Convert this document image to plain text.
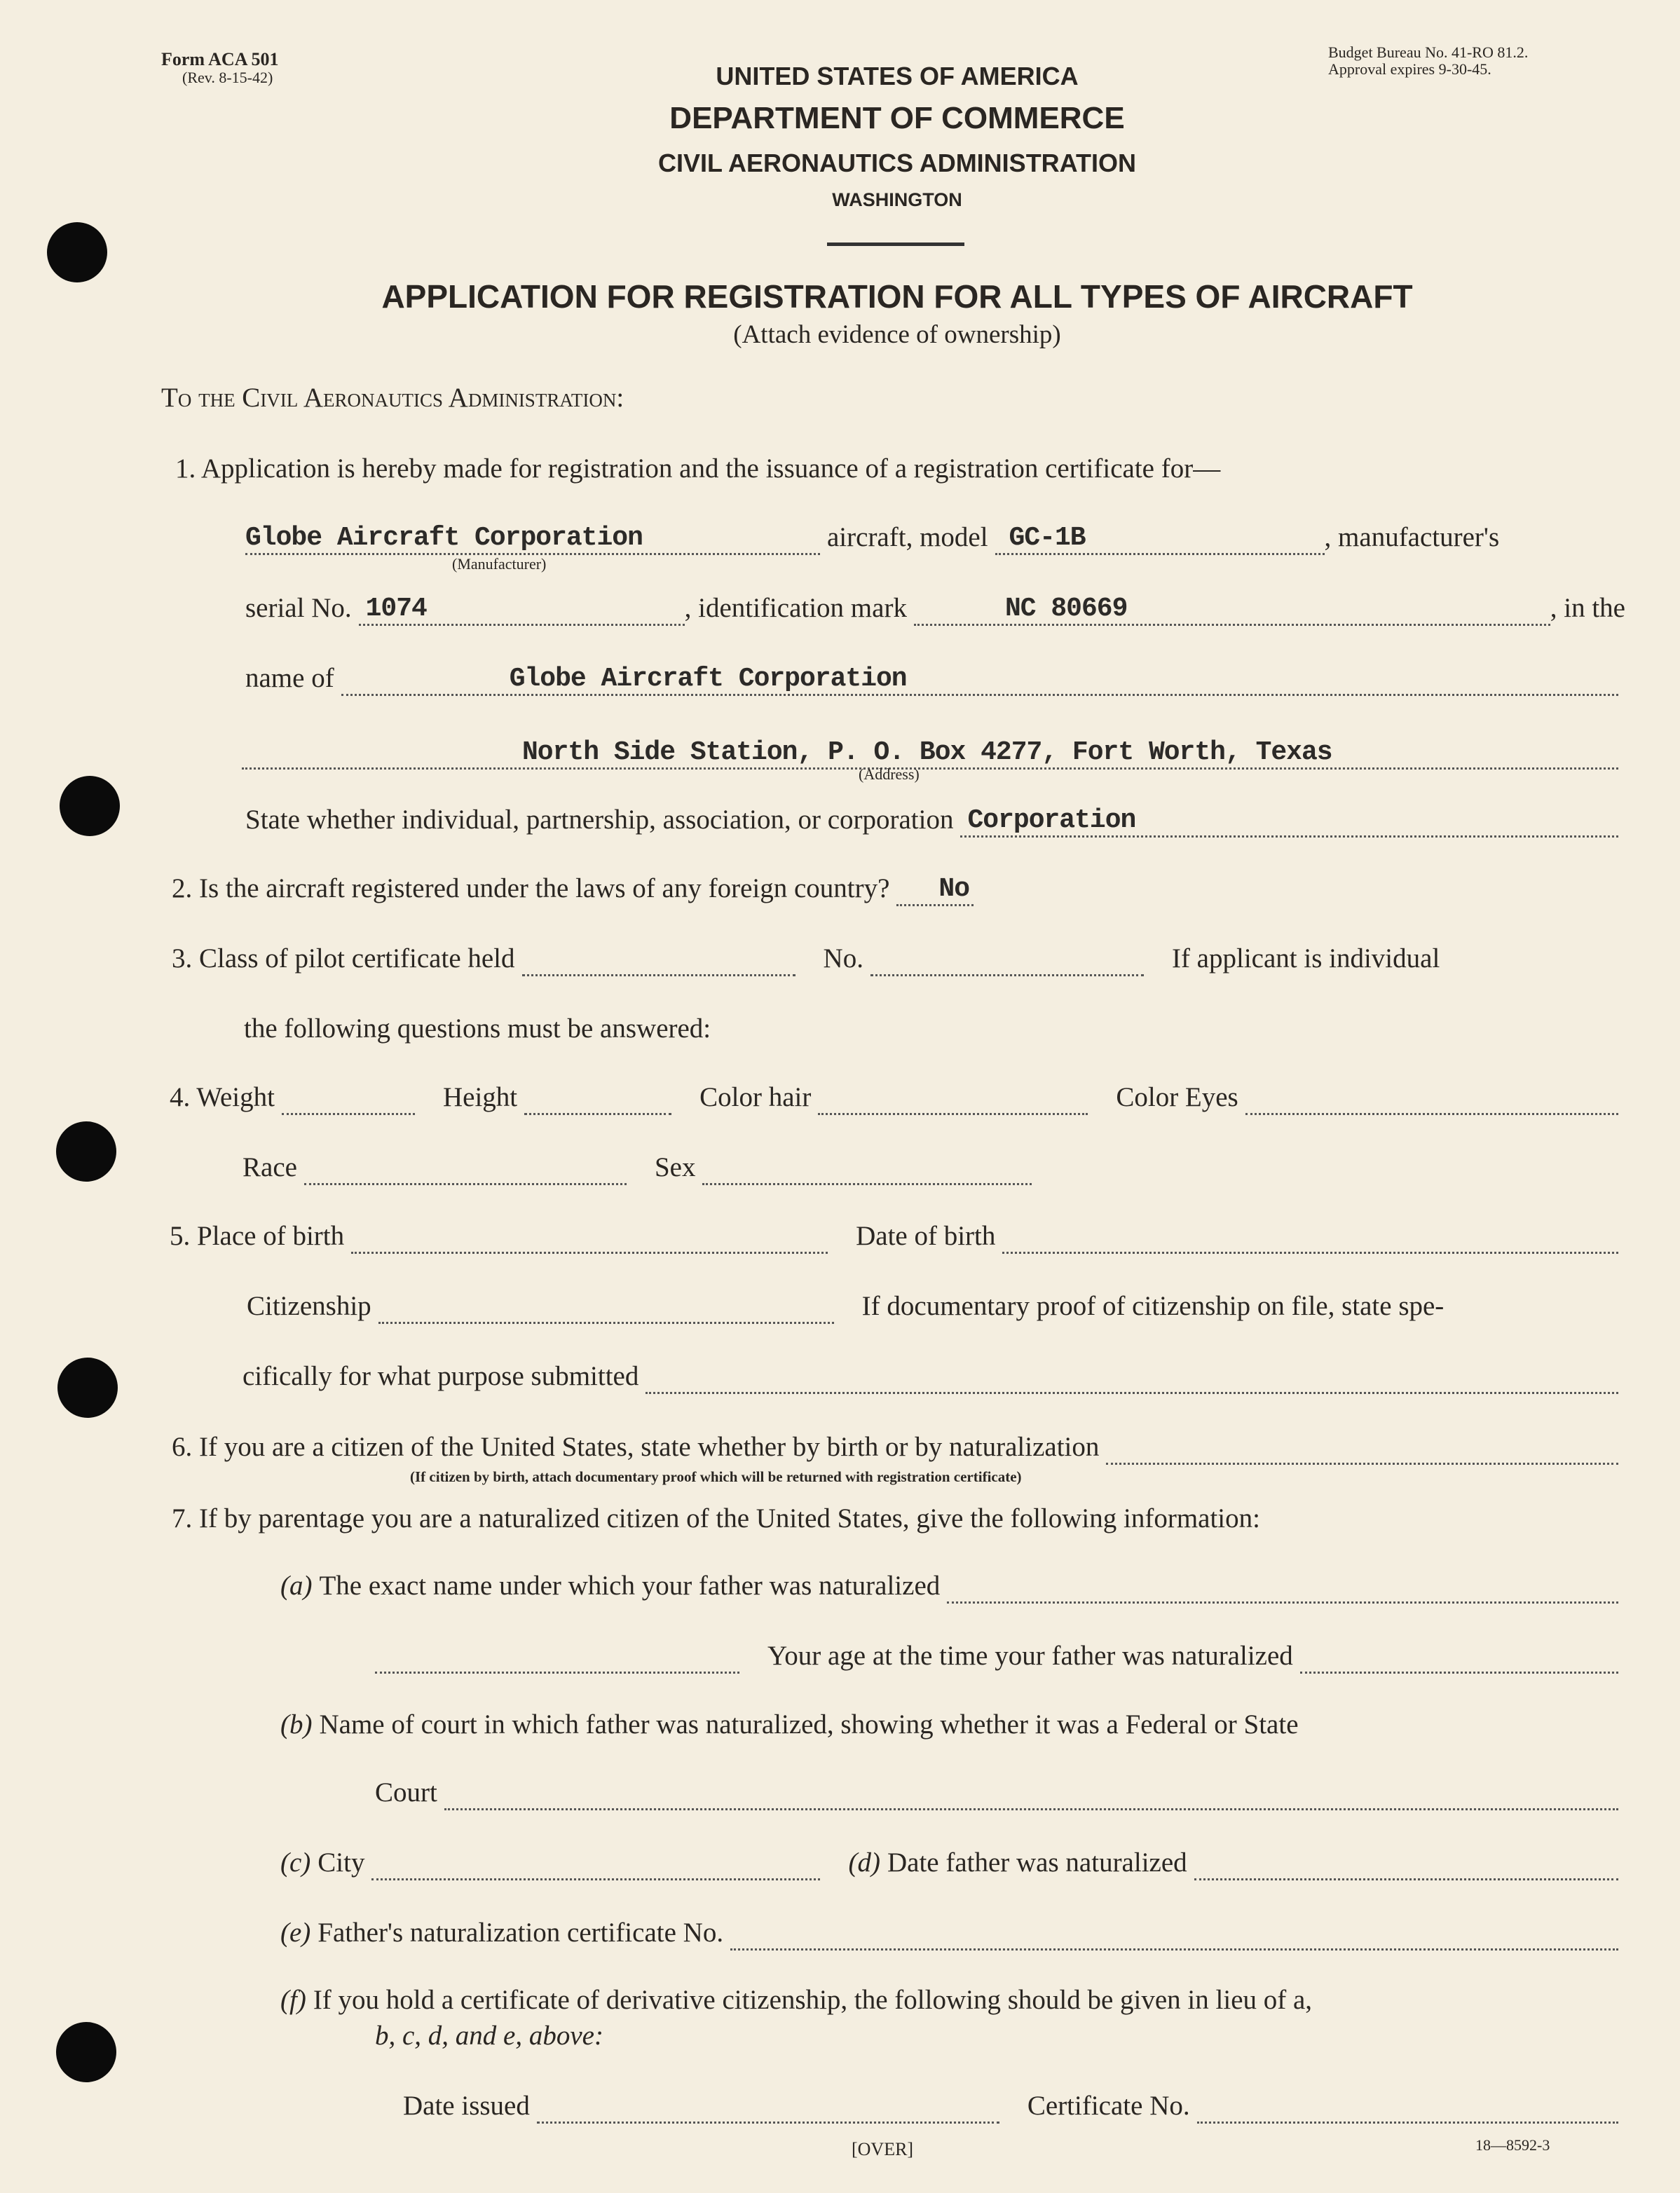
Form ACA 501
(Rev. 8-15-42)
Budget Bureau No. 41-RO 81.2.
Approval expires 9-30-45.
UNITED STATES OF AMERICA
DEPARTMENT OF COMMERCE
CIVIL AERONAUTICS ADMINISTRATION
WASHINGTON
APPLICATION FOR REGISTRATION FOR ALL TYPES OF AIRCRAFT
(Attach evidence of ownership)
To the Civil Aeronautics Administration:
1. Application is hereby made for registration and the issuance of a registration certificate for—
Globe Aircraft Corporation	aircraft, model GC-1B	, manufacturer's
(Manufacturer)
serial No. 1074	, identification mark	NC 80669	, in the
name of	Globe Aircraft Corporation
North Side Station, P. O. Box 4277, Fort Worth, Texas
(Address)
State whether individual, partnership, association, or corporation Corporation
2. Is the aircraft registered under the laws of any foreign country? No
3. Class of pilot certificate held	No.	If applicant is individual
the following questions must be answered:
4. Weight	Height	Color hair	Color Eyes
Race	Sex
5. Place of birth	Date of birth
Citizenship	If documentary proof of citizenship on file, state spe-
cifically for what purpose submitted
6. If you are a citizen of the United States, state whether by birth or by naturalization
(If citizen by birth, attach documentary proof which will be returned with registration certificate)
7. If by parentage you are a naturalized citizen of the United States, give the following information:
(a) The exact name under which your father was naturalized
Your age at the time your father was naturalized
(b) Name of court in which father was naturalized, showing whether it was a Federal or State
Court
(c) City	(d) Date father was naturalized
(e) Father's naturalization certificate No.
(f) If you hold a certificate of derivative citizenship, the following should be given in lieu of a,
b, c, d, and e, above:
Date issued	Certificate No.
[OVER]	18—8592-3
